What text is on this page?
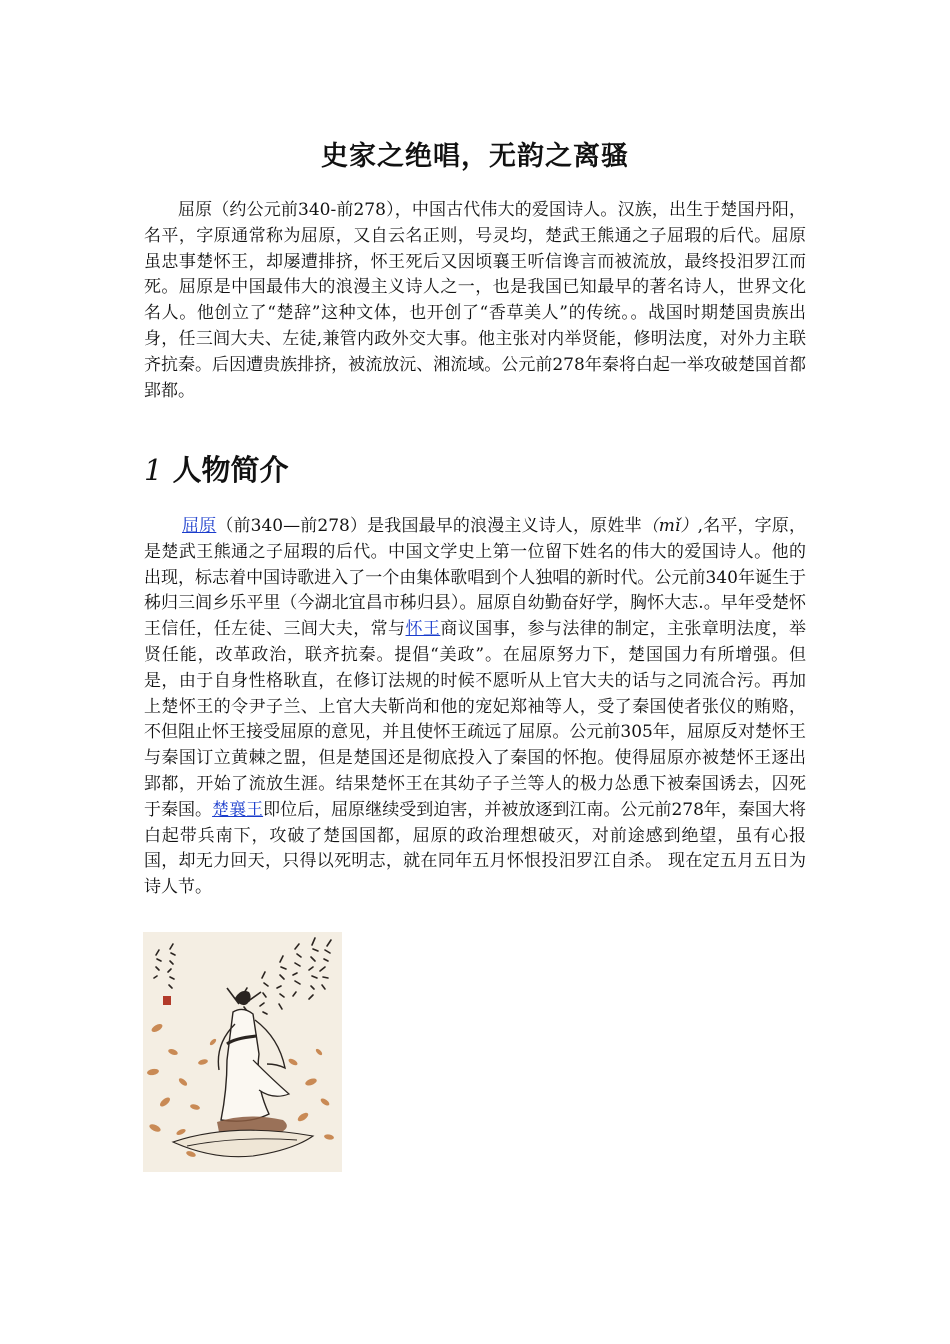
史家之绝唱，无韵之离骚

屈原（约公元前340-前278），中国古代伟大的爱国诗人。汉族，出生于楚国丹阳，名平，字原通常称为屈原，又自云名正则，号灵均，楚武王熊通之子屈瑕的后代。屈原虽忠事楚怀王，却屡遭排挤，怀王死后又因顷襄王听信谗言而被流放，最终投汨罗江而死。屈原是中国最伟大的浪漫主义诗人之一，也是我国已知最早的著名诗人，世界文化名人。他创立了“楚辞”这种文体，也开创了“香草美人”的传统。。战国时期楚国贵族出身，任三闾大夫、左徒,兼管内政外交大事。他主张对内举贤能，修明法度，对外力主联齐抗秦。后因遭贵族排挤，被流放沅、湘流域。公元前278年秦将白起一举攻破楚国首都郢都。

1 人物简介

屈原（前340—前278）是我国最早的浪漫主义诗人，原姓芈（mǐ）,名平，字原，是楚武王熊通之子屈瑕的后代。中国文学史上第一位留下姓名的伟大的爱国诗人。他的出现，标志着中国诗歌进入了一个由集体歌唱到个人独唱的新时代。公元前340年诞生于秭归三闾乡乐平里（今湖北宜昌市秭归县）。屈原自幼勤奋好学，胸怀大志.。早年受楚怀王信任，任左徒、三闾大夫，常与怀王商议国事，参与法律的制定，主张章明法度，举贤任能，改革政治，联齐抗秦。提倡“美政”。在屈原努力下，楚国国力有所增强。但是，由于自身性格耿直，在修订法规的时候不愿听从上官大夫的话与之同流合污。再加上楚怀王的令尹子兰、上官大夫靳尚和他的宠妃郑袖等人，受了秦国使者张仪的贿赂，不但阻止怀王接受屈原的意见，并且使怀王疏远了屈原。公元前305年，屈原反对楚怀王与秦国订立黄棘之盟，但是楚国还是彻底投入了秦国的怀抱。使得屈原亦被楚怀王逐出郢都，开始了流放生涯。结果楚怀王在其幼子子兰等人的极力怂恿下被秦国诱去，囚死于秦国。楚襄王即位后，屈原继续受到迫害，并被放逐到江南。公元前278年，秦国大将白起带兵南下，攻破了楚国国都，屈原的政治理想破灭，对前途感到绝望，虽有心报国，却无力回天，只得以死明志，就在同年五月怀恨投汨罗江自杀。 现在定五月五日为诗人节。
